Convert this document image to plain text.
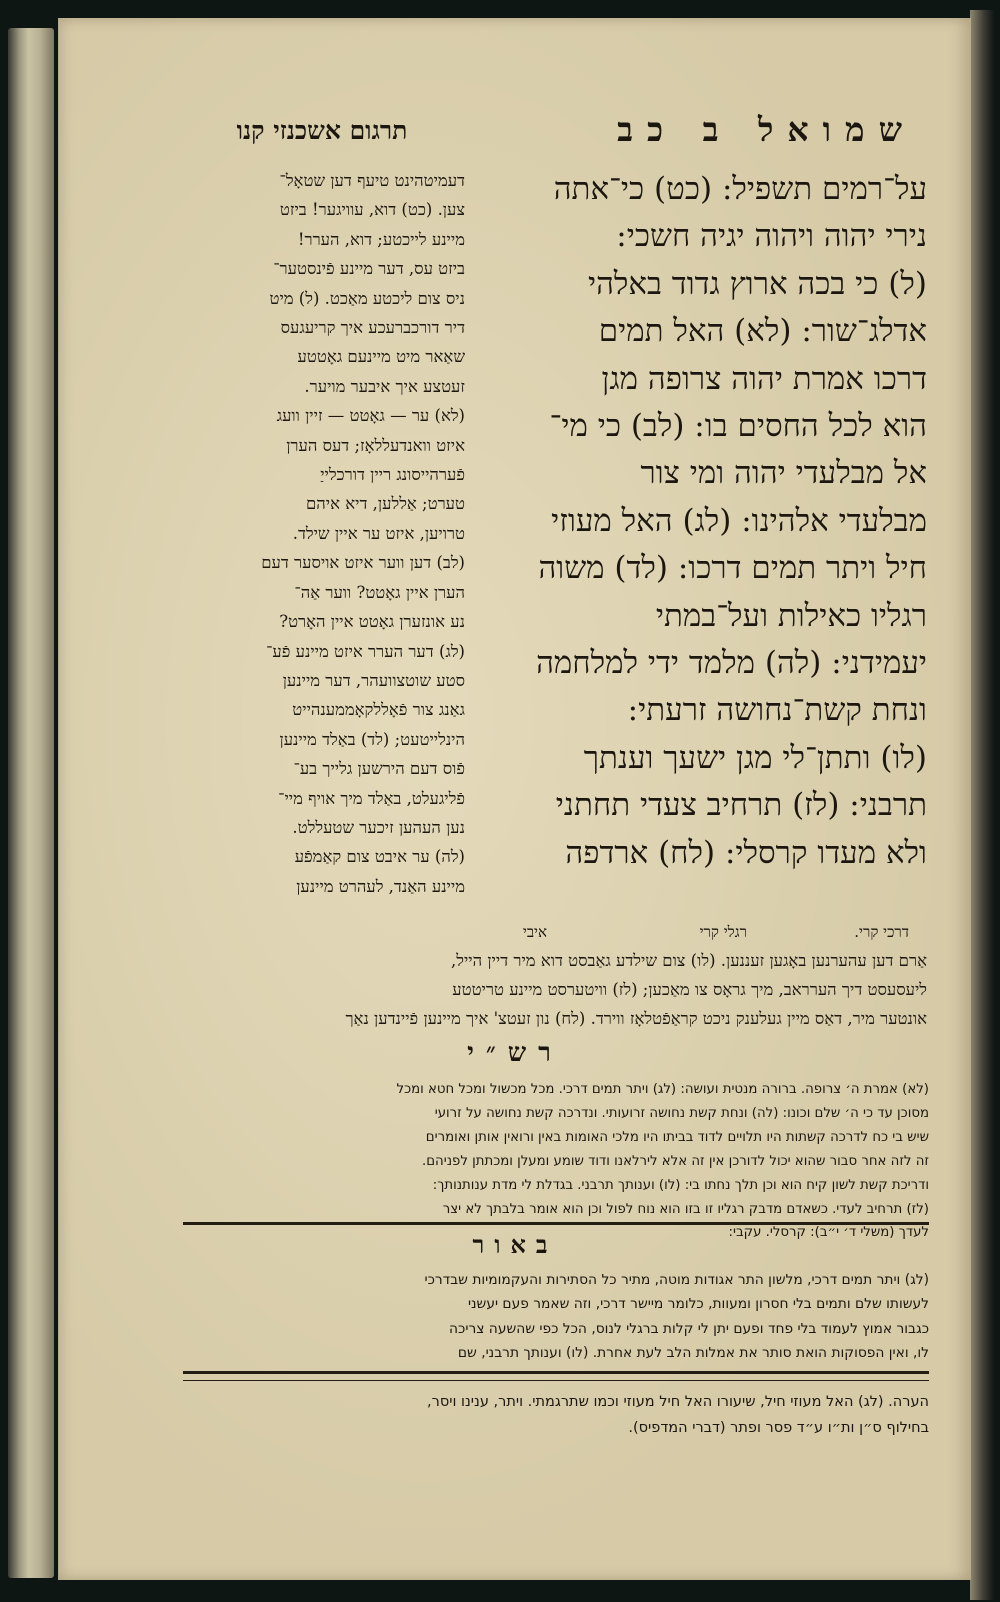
שמואל ב כב
תרגום אשכנזי קנו

על־רמים תשפיל: (כט) כי־אתה

נירי יהוה ויהוה יגיה חשכי:

(ל) כי בכה ארוץ גדוד באלהי

אדלג־שור: (לא) האל תמים

דרכו אמרת יהוה צרופה מגן

הוא לכל החסים בו: (לב) כי מי־

אל מבלעדי יהוה ומי צור

מבלעדי אלהינו: (לג) האל מעוזי

חיל ויתר תמים דרכו: (לד) משוה

רגליו כאילות ועל־במתי

יעמידני: (לה) מלמד ידי למלחמה

ונחת קשת־נחושה זרעתי:

(לו) ותתן־לי מגן ישעך וענתך

תרבני: (לז) תרחיב צעדי תחתני

ולא מעדו קרסלי: (לח) ארדפה

דעמיטהינט טיעף דען שטאָל־

צען. (כט) דוא, עוויגער! ביזט

מיינע לייכטע; דוא, הערר!

ביזט עס, דער מיינע פֿינסטער־

ניס צום ליכטע מאַכט. (ל) מיט

דיר דורכברעכע איך קריעגעס

שאַאר מיט מיינעם גאָטטע

זעטצע איך איבער מויער.

(לא) ער — גאָטט — זיין וועג

איזט וואנדעללאָז; דעס הערן

פֿערהייסונג ריין דורכלייַ

טערט; אַללען, דיא איהם

טרויען, איזט ער איין שילד.

(לב) דען ווער איזט אויסער דעם

הערן איין גאָטט? ווער אַה־

נע אונזערן גאָטט איין האָרט?

(לג) דער הערר איזט מיינע פֿע־

סטע שוטצוועהר, דער מיינען

גאַנג צור פֿאָללקאָממענהייט

הינלייטעט; (לד) באַלד מיינען

פֿוס דעם הירשען גלייך בע־

פֿליגעלט, באַלד מיך אויף מיי־

נען העהען זיכער שטעללט.

(לה) ער איבט צום קאַמפֿע

מיינע האַנד, לעהרט מיינען

דרכי קרי.
רגלי קרי
איבי

אַרם דען עהערנען באָגען זעננען. (לו) צום שילדע גאַבסט דוא מיר דיין הייל,

ליעסעסט דיך הערראב, מיך גראָס צו מאַכען; (לז) וויטערסט מיינע טריטטע

אונטער מיר, דאַס מיין געלענק ניכט קראַפֿטלאָז ווירד. (לח) נון זעטצ' איך מיינען פֿיינדען נאַך

רש״י

(לא) אמרת ה׳ צרופה. ברורה מנטית ועושה: (לג) ויתר תמים דרכי. מכל מכשול ומכל חטא ומכל

מסוכן עד כי ה׳ שלם וכונו: (לה) ונחת קשת נחושה זרועותי. ונדרכה קשת נחושה על זרועי

שיש בי כח לדרכה קשתות היו תלויים לדוד בביתו היו מלכי האומות באין ורואין אותן ואומרים

זה לזה אחר סבור שהוא יכול לדורכן אין זה אלא לירלאנו ודוד שומע ומעלן ומכתתן לפניהם.

ודריכת קשת לשון קיח הוא וכן תלך נחתו בי: (לו) וענותך תרבני. בגדלת לי מדת ענותנותך:

(לז) תרחיב לעדי. כשאדם מדבק רגליו זו בזו הוא נוח לפול וכן הוא אומר בלבתך לא יצר

לעדך (משלי ד׳ י״ב): קרסלי. עקבי:

באור

(לג) ויתר תמים דרכי, מלשון התר אגודות מוטה, מתיר כל הסתירות והעקמומיות שבדרכי

לעשותו שלם ותמים בלי חסרון ומעוות, כלומר מיישר דרכי, וזה שאמר פעם יעשני

כגבור אמוץ לעמוד בלי פחד ופעם יתן לי קלות ברגלי לנוס, הכל כפי שהשעה צריכה

לו, ואין הפסוקות הואת סותר את אמלות הלב לעת אחרת. (לו) וענותך תרבני, שם

הערה. (לג) האל מעוזי חיל, שיעורו האל חיל מעוזי וכמו שתרגמתי. ויתר, ענינו ויסר,

בחילוף ס״ן ות״ו ע״ד פסר ופתר (דברי המדפיס).
